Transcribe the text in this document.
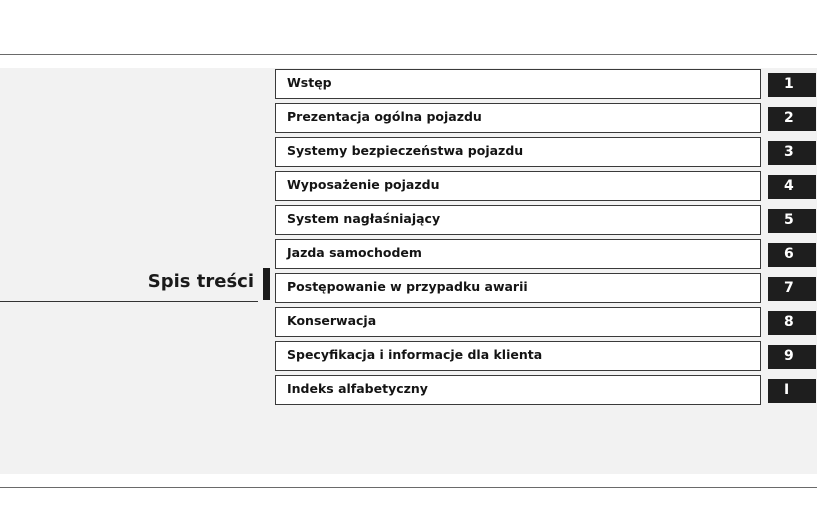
Spis treści
Wstęp	1
Prezentacja ogólna pojazdu	2
Systemy bezpieczeństwa pojazdu	3
Wyposażenie pojazdu	4
System nagłaśniający	5
Jazda samochodem	6
Postępowanie w przypadku awarii	7
Konserwacja	8
Specyfikacja i informacje dla klienta	9
Indeks alfabetyczny	I
